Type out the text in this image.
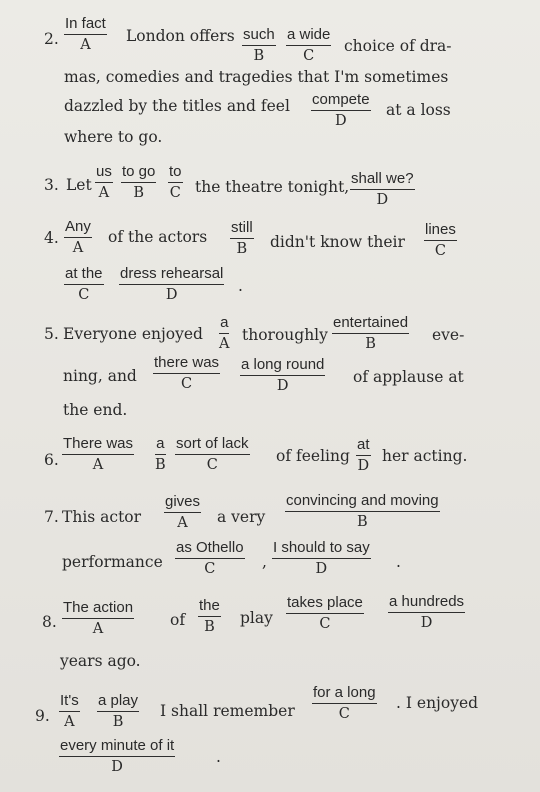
2.
In fact
A	London offers such
B
a wide
C
choice of dra-
mas, comedies and tragedies that I'm sometimes
dazzled by the titles and feel compete
D
at a loss
where to go.
3. Let
us
A
to go
B
to
C the theatre tonight, shall we?
D
4.
Any
A
of the actors
still
B	didn't know their
lines
C
at the
C
dress rehearsal
D	.
5. Everyone enjoyed
a
A thoroughly
entertained
B	eve-
ning, and
there was
C
a long round
D	of applause at
the end.
6.
There was
A
a
B
sort of lack
C	of feeling
at
D
her acting.
7. This actor
gives
A	a very
convincing and moving
B
performance
as Othello
C	,
I should to say
D	.
8.
The action
A	of
the
B	play
takes place
C
a hundreds
D
years ago.
9.
It's
A
a play
B
I shall remember
for a long
C
. I enjoyed
every minute of it
D
.
